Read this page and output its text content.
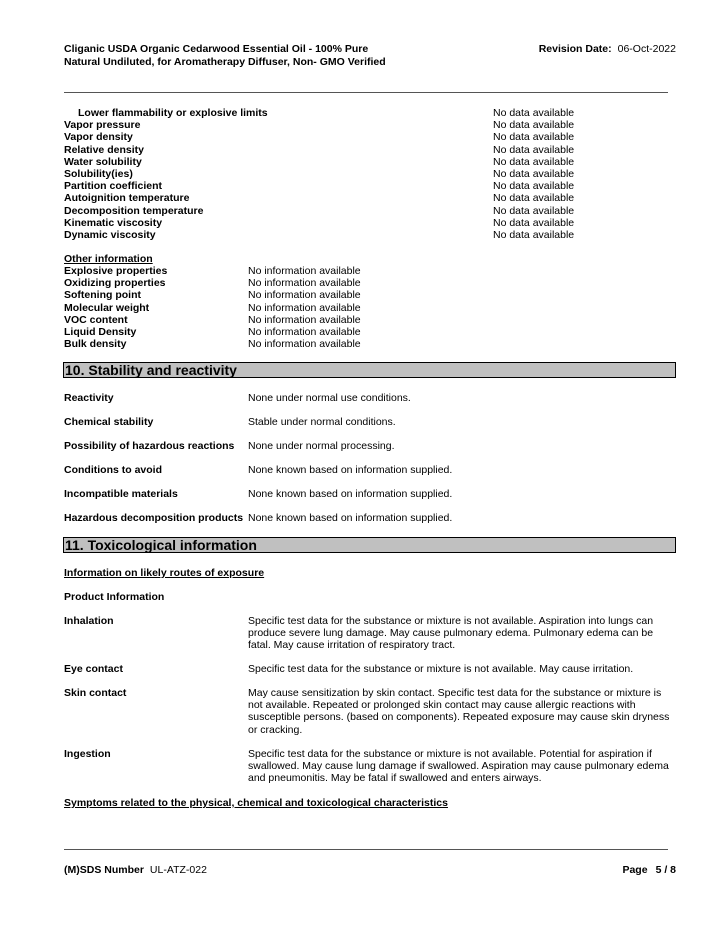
Cliganic USDA Organic Cedarwood Essential Oil - 100% Pure Natural Undiluted, for Aromatherapy Diffuser, Non- GMO Verified
Revision Date: 06-Oct-2022
Lower flammability or explosive limits	No data available
Vapor pressure	No data available
Vapor density	No data available
Relative density	No data available
Water solubility	No data available
Solubility(ies)	No data available
Partition coefficient	No data available
Autoignition temperature	No data available
Decomposition temperature	No data available
Kinematic viscosity	No data available
Dynamic viscosity	No data available
Other information
Explosive properties	No information available
Oxidizing properties	No information available
Softening point	No information available
Molecular weight	No information available
VOC content	No information available
Liquid Density	No information available
Bulk density	No information available
10. Stability and reactivity
Reactivity	None under normal use conditions.
Chemical stability	Stable under normal conditions.
Possibility of hazardous reactions None under normal processing.
Conditions to avoid	None known based on information supplied.
Incompatible materials	None known based on information supplied.
Hazardous decomposition products None known based on information supplied.
11. Toxicological information
Information on likely routes of exposure
Product Information
Inhalation	Specific test data for the substance or mixture is not available. Aspiration into lungs can produce severe lung damage. May cause pulmonary edema. Pulmonary edema can be fatal. May cause irritation of respiratory tract.
Eye contact	Specific test data for the substance or mixture is not available. May cause irritation.
Skin contact	May cause sensitization by skin contact. Specific test data for the substance or mixture is not available. Repeated or prolonged skin contact may cause allergic reactions with susceptible persons. (based on components). Repeated exposure may cause skin dryness or cracking.
Ingestion	Specific test data for the substance or mixture is not available. Potential for aspiration if swallowed. May cause lung damage if swallowed. Aspiration may cause pulmonary edema and pneumonitis. May be fatal if swallowed and enters airways.
Symptoms related to the physical, chemical and toxicological characteristics
(M)SDS Number UL-ATZ-022	Page 5 / 8
